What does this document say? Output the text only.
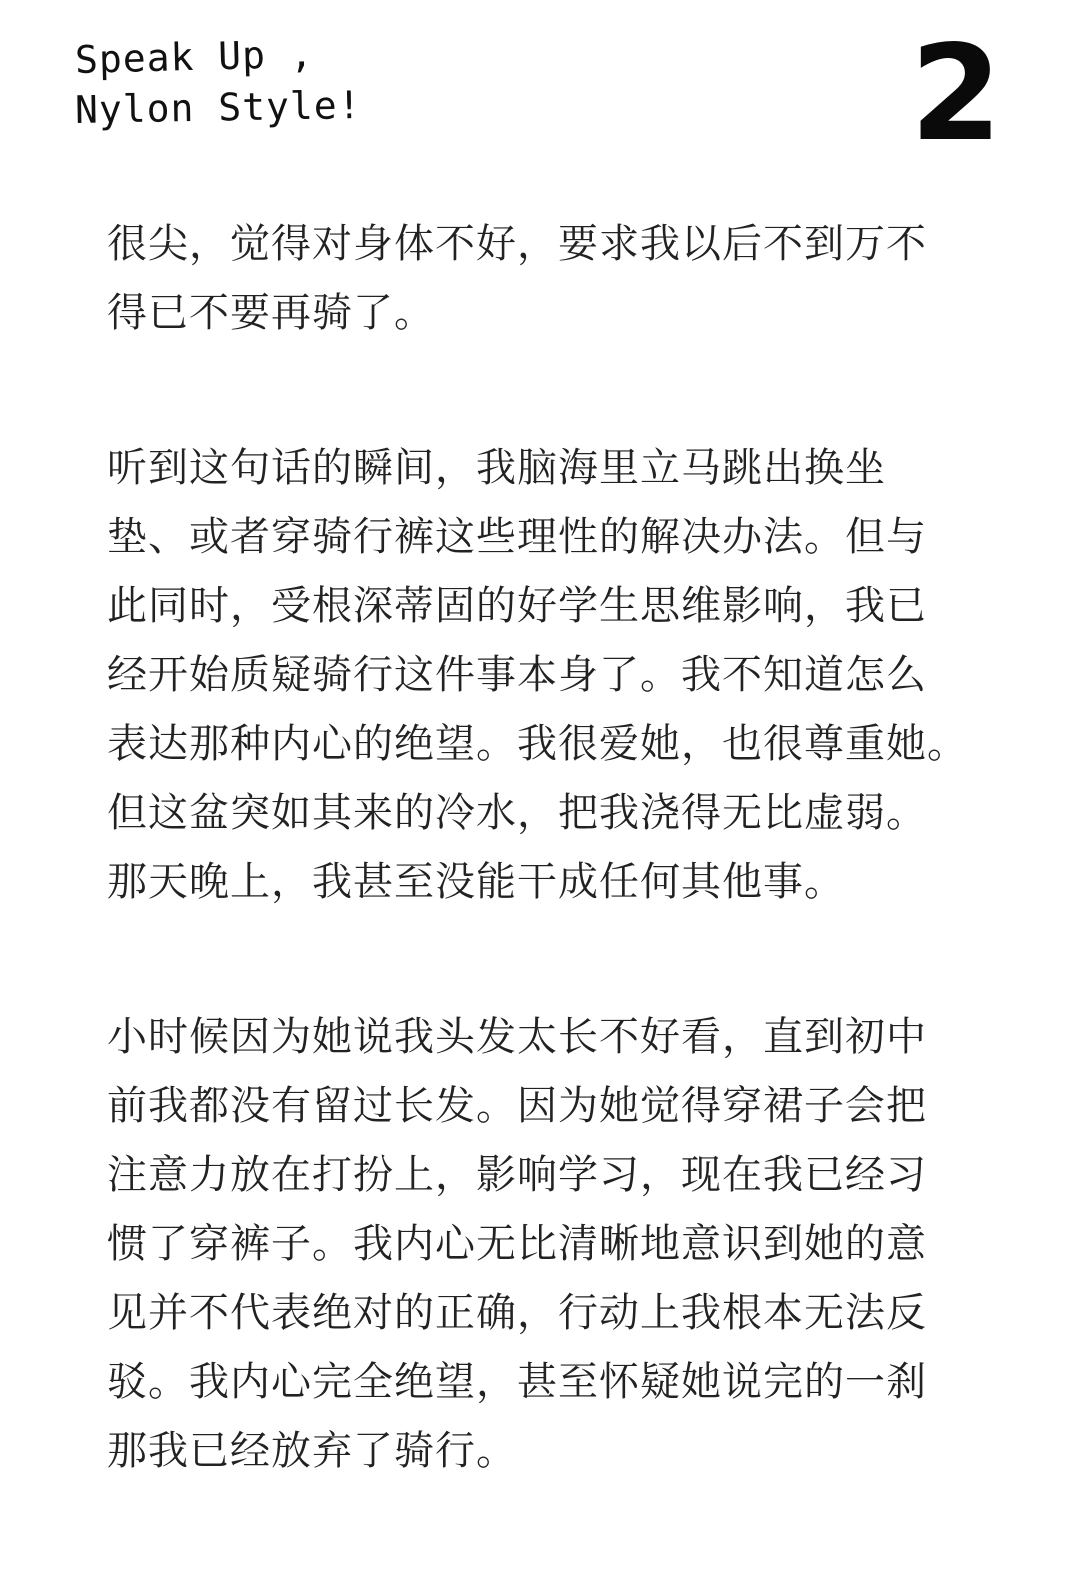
Speak Up ,
Nylon Style!	2
很尖，觉得对身体不好，要求我以后不到万不
得已不要再骑了。
听到这句话的瞬间，我脑海里立马跳出换坐
垫、或者穿骑行裤这些理性的解决办法。但与
此同时，受根深蒂固的好学生思维影响，我已
经开始质疑骑行这件事本身了。我不知道怎么
表达那种内心的绝望。我很爱她，也很尊重她。
但这盆突如其来的冷水，把我浇得无比虚弱。
那天晚上，我甚至没能干成任何其他事。
小时候因为她说我头发太长不好看，直到初中
前我都没有留过长发。因为她觉得穿裙子会把
注意力放在打扮上，影响学习，现在我已经习
惯了穿裤子。我内心无比清晰地意识到她的意
见并不代表绝对的正确，行动上我根本无法反
驳。我内心完全绝望，甚至怀疑她说完的一刹
那我已经放弃了骑行。
